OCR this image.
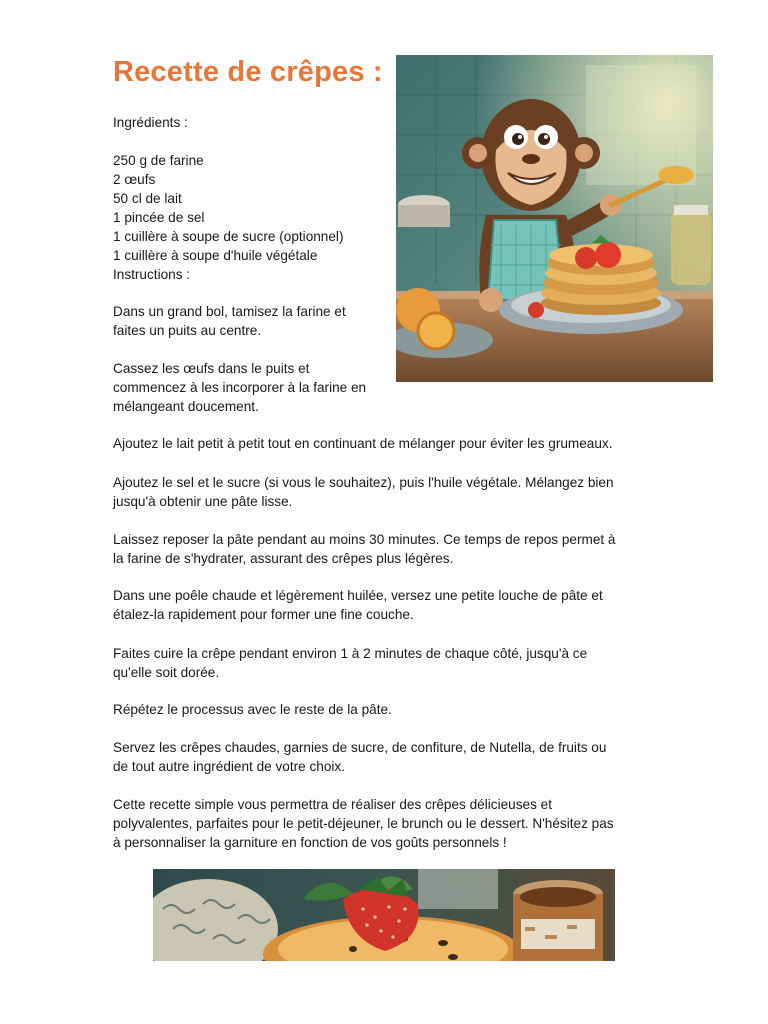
Recette de crêpes :
Ingrédients :
250 g de farine
2 œufs
50 cl de lait
1 pincée de sel
1 cuillère à soupe de sucre (optionnel)
1 cuillère à soupe d'huile végétale
Instructions :
Dans un grand bol, tamisez la farine et
faites un puits au centre.
Cassez les œufs dans le puits et
commencez à les incorporer à la farine en
mélangeant doucement.
Ajoutez le lait petit à petit tout en continuant de mélanger pour éviter les grumeaux.
Ajoutez le sel et le sucre (si vous le souhaitez), puis l'huile végétale. Mélangez bien
jusqu'à obtenir une pâte lisse.
Laissez reposer la pâte pendant au moins 30 minutes. Ce temps de repos permet à
la farine de s'hydrater, assurant des crêpes plus légères.
Dans une poêle chaude et légèrement huilée, versez une petite louche de pâte et
étalez-la rapidement pour former une fine couche.
Faites cuire la crêpe pendant environ 1 à 2 minutes de chaque côté, jusqu'à ce
qu'elle soit dorée.
Répétez le processus avec le reste de la pâte.
Servez les crêpes chaudes, garnies de sucre, de confiture, de Nutella, de fruits ou
de tout autre ingrédient de votre choix.
Cette recette simple vous permettra de réaliser des crêpes délicieuses et
polyvalentes, parfaites pour le petit-déjeuner, le brunch ou le dessert. N'hésitez pas
à personnaliser la garniture en fonction de vos goûts personnels !
